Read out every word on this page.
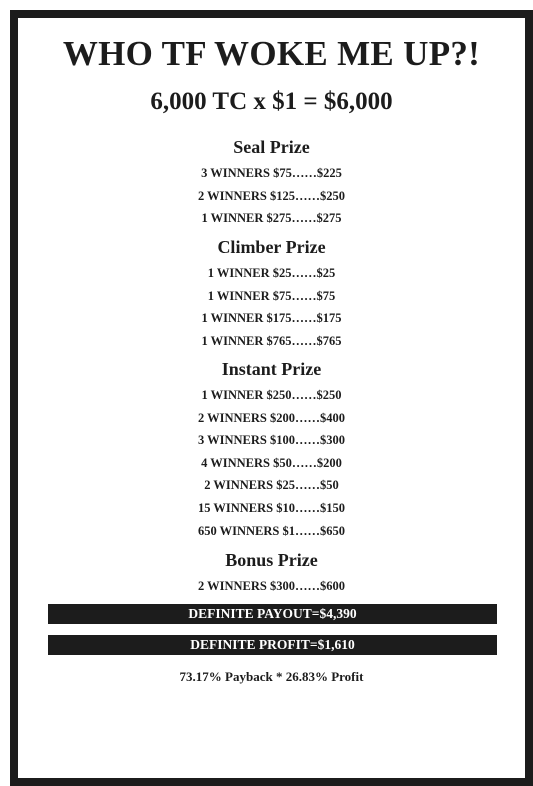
WHO TF WOKE ME UP?!
6,000 TC x $1 = $6,000
Seal Prize
3 WINNERS $75……$225
2 WINNERS $125……$250
1 WINNER $275……$275
Climber Prize
1 WINNER $25……$25
1 WINNER $75……$75
1 WINNER $175……$175
1 WINNER $765……$765
Instant Prize
1 WINNER $250……$250
2 WINNERS $200……$400
3 WINNERS $100……$300
4 WINNERS $50……$200
2 WINNERS $25……$50
15 WINNERS $10……$150
650 WINNERS $1……$650
Bonus Prize
2 WINNERS $300……$600
DEFINITE PAYOUT=$4,390
DEFINITE PROFIT=$1,610
73.17% Payback * 26.83% Profit
